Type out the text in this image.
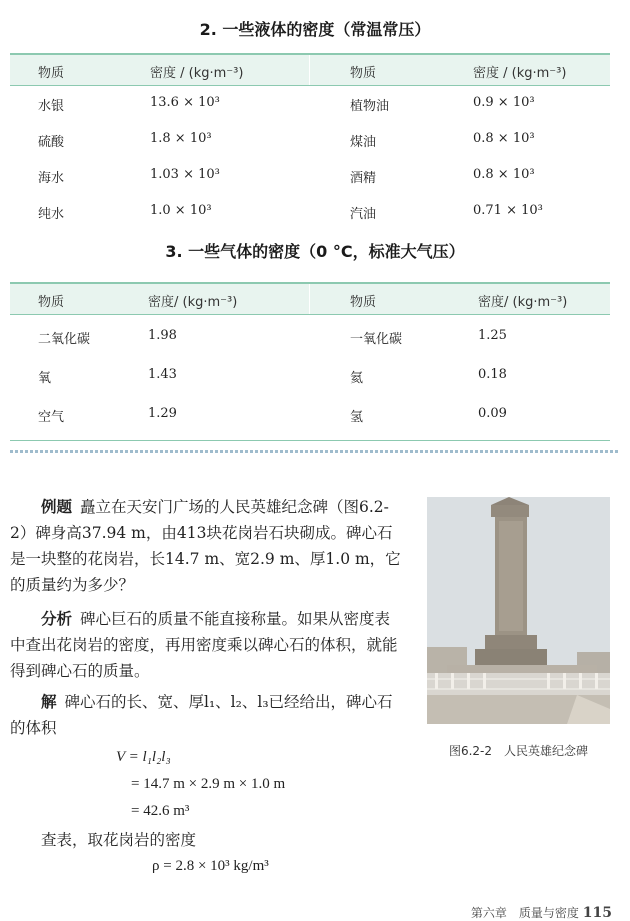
2. 一些液体的密度（常温常压）
物质	密度 / (kg·m⁻³)	物质	密度 / (kg·m⁻³)
水银	13.6 × 10³	植物油	0.9 × 10³
硫酸	1.8 × 10³	煤油	0.8 × 10³
海水	1.03 × 10³	酒精	0.8 × 10³
纯水	1.0 × 10³	汽油	0.71 × 10³
3. 一些气体的密度（0 °C，标准大气压）
物质	密度/ (kg·m⁻³)	物质	密度/ (kg·m⁻³)
二氧化碳	1.98	一氧化碳	1.25
氧	1.43	氦	0.18
空气	1.29	氢	0.09
例题 矗立在天安门广场的人民英雄纪念碑（图6.2-2）碑身高37.94 m，由413块花岗岩石块砌成。碑心石是一块整的花岗岩，长14.7 m、宽2.9 m、厚1.0 m，它的质量约为多少？
分析 碑心巨石的质量不能直接称量。如果从密度表中查出花岗岩的密度，再用密度乘以碑心石的体积，就能得到碑心石的质量。
解 碑心石的长、宽、厚l₁、l₂、l₃已经给出，碑心石的体积
V = l₁l₂l₃
= 14.7 m × 2.9 m × 1.0 m
= 42.6 m³
查表，取花岗岩的密度
ρ = 2.8 × 10³ kg/m³
图6.2-2　人民英雄纪念碑
第六章　质量与密度 115
